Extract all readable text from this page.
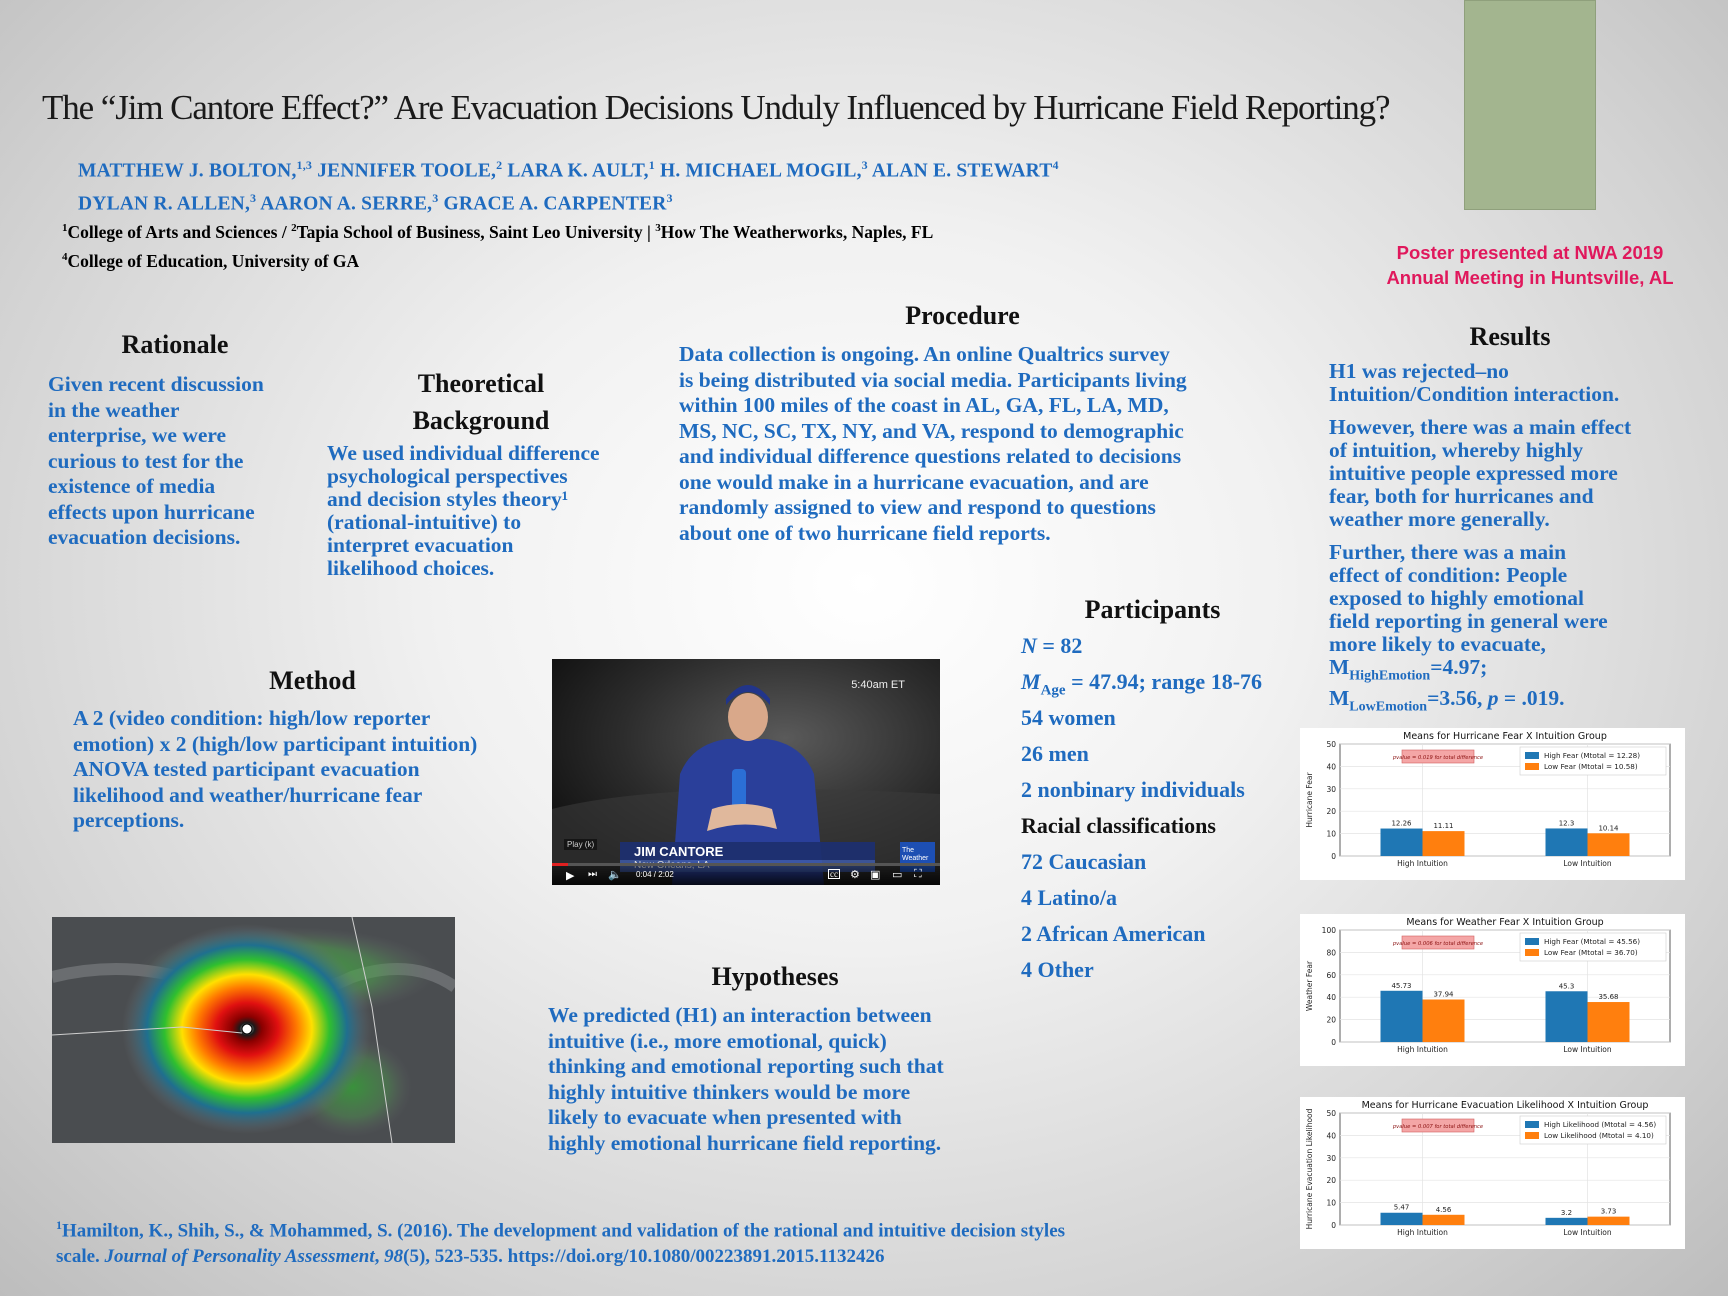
The “Jim Cantore Effect?” Are Evacuation Decisions Unduly Influenced by Hurricane Field Reporting?
MATTHEW J. BOLTON,$^{1,3}$ JENNIFER TOOLE,$^2$ LARA K. AULT,$^1$ H. MICHAEL MOGIL,$^3$ ALAN E. STEWART$^4$
DYLAN R. ALLEN,$^3$ AARON A. SERRE,$^3$ GRACE A. CARPENTER$^3$
$^1$College of Arts and Sciences / $^2$Tapia School of Business, Saint Leo University | $^3$How The Weatherworks, Naples, FL
$^4$College of Education, University of GA	Poster presented at NWA 2019
Annual Meeting in Huntsville, AL
Rationale
Given recent discussion
in the weather
enterprise, we were
curious to test for the
existence of media
effects upon hurricane
evacuation decisions.
Theoretical
Background
We used individual difference
psychological perspectives
and decision styles theory¹
(rational-intuitive) to
interpret evacuation
likelihood choices.
Procedure
Data collection is ongoing. An online Qualtrics survey
is being distributed via social media. Participants living
within 100 miles of the coast in AL, GA, FL, LA, MD,
MS, NC, SC, TX, NY, and VA, respond to demographic
and individual difference questions related to decisions
one would make in a hurricane evacuation, and are
randomly assigned to view and respond to questions
about one of two hurricane field reports.
Method
A 2 (video condition: high/low reporter
emotion) x 2 (high/low participant intuition)
ANOVA tested participant evacuation
likelihood and weather/hurricane fear
perceptions.
Participants
N = 82
$M_{Age} = 47.94$; range 18-76
54 women
26 men
2 nonbinary individuals
Racial classifications
72 Caucasian
4 Latino/a
2 African American
4 Other
Hypotheses
We predicted (H1) an interaction between
intuitive (i.e., more emotional, quick)
thinking and emotional reporting such that
highly intuitive thinkers would be more
likely to evacuate when presented with
highly emotional hurricane field reporting.
Results
H1 was rejected–no
Intuition/Condition interaction.
However, there was a main effect
of intuition, whereby highly
intuitive people expressed more
fear, both for hurricanes and
weather more generally.
Further, there was a main
effect of condition: People
exposed to highly emotional
field reporting in general were
more likely to evacuate,
$M_{HighEmotion}=4.97$;
$M_{LowEmotion}=3.56$, p = .019.
5:40am ET
JIM CANTORE	The Weather
Play (k)
▶ ⏭ 🔈 0:04 / 2:02	cc ⚙ ▣ ▭ ⛶
Means for Hurricane Fear X Intuition Group
0
10
20
30
40
50
Hurricane Fear
High Intuition
12.26	11.11
Low Intuition
12.3
10.14
pvalue = 0.019 for total difference	High Fear (Mtotal = 12.28)
Low Fear (Mtotal = 10.58)
Means for Weather Fear X Intuition Group
0
20
40
60
80
100
Weather Fear
High Intuition
45.73
37.94
Low Intuition
45.3
35.68
pvalue = 0.006 for total difference	High Fear (Mtotal = 45.56)
Low Fear (Mtotal = 36.70)
Means for Hurricane Evacuation Likelihood X Intuition Group
0
10
20
30
40
50
Hurricane Evacuation Likelihood
High Intuition
5.47	4.56
Low Intuition
3.2	3.73
pvalue = 0.007 for total difference	High Likelihood (Mtotal = 4.56)
Low Likelihood (Mtotal = 4.10)
$^1$Hamilton, K., Shih, S., & Mohammed, S. (2016). The development and validation of the rational and intuitive decision styles
scale. Journal of Personality Assessment, 98(5), 523-535. https://doi.org/10.1080/00223891.2015.1132426
